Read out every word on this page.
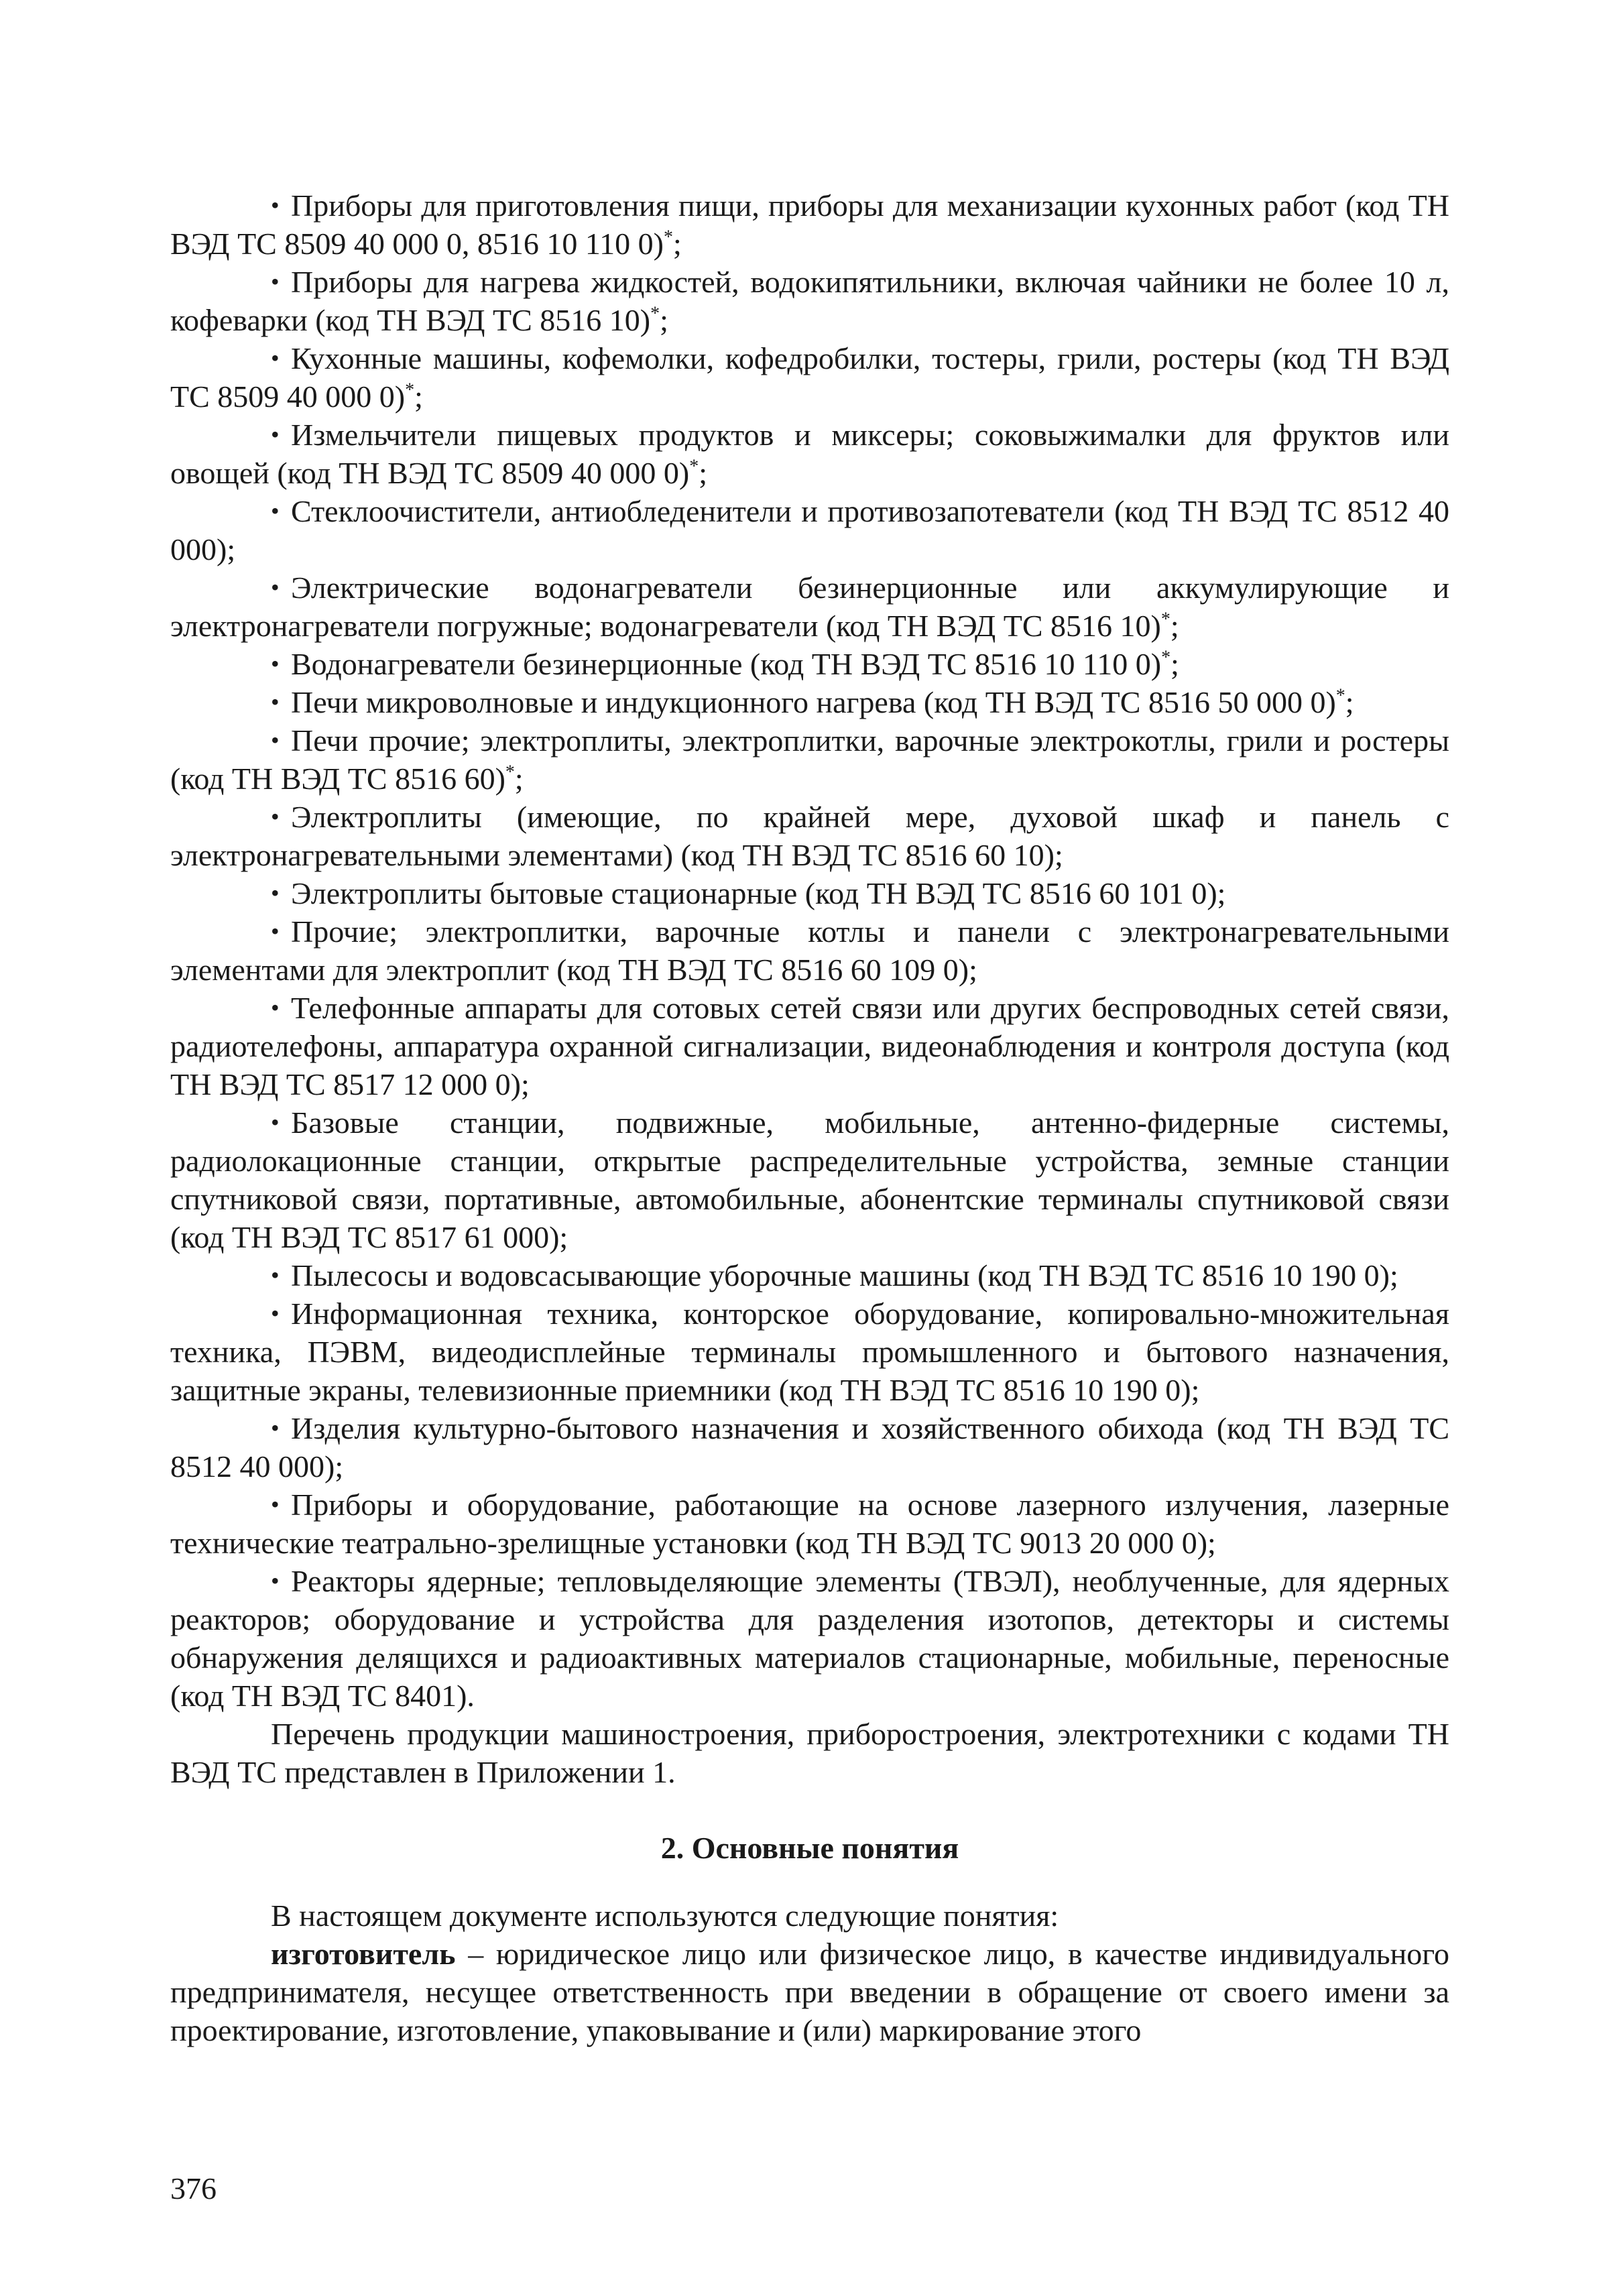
• Приборы для приготовления пищи, приборы для механизации кухонных работ (код ТН ВЭД ТС 8509 40 000 0, 8516 10 110 0)*;

• Приборы для нагрева жидкостей, водокипятильники, включая чайники не более 10 л, кофеварки (код ТН ВЭД ТС 8516 10)*;

• Кухонные машины, кофемолки, кофедробилки, тостеры, грили, ростеры (код ТН ВЭД ТС 8509 40 000 0)*;

• Измельчители пищевых продуктов и миксеры; соковыжималки для фруктов или овощей (код ТН ВЭД ТС 8509 40 000 0)*;

• Стеклоочистители, антиобледенители и противозапотеватели (код ТН ВЭД ТС 8512 40 000);

• Электрические водонагреватели безинерционные или аккумулирующие и электронагреватели погружные; водонагреватели (код ТН ВЭД ТС 8516 10)*;

• Водонагреватели безинерционные (код ТН ВЭД ТС 8516 10 110 0)*;

• Печи микроволновые и индукционного нагрева (код ТН ВЭД ТС 8516 50 000 0)*;

• Печи прочие; электроплиты, электроплитки, варочные электрокотлы, грили и ростеры (код ТН ВЭД ТС 8516 60)*;

• Электроплиты (имеющие, по крайней мере, духовой шкаф и панель с электронагревательными элементами) (код ТН ВЭД ТС 8516 60 10);

• Электроплиты бытовые стационарные (код ТН ВЭД ТС 8516 60 101 0);

• Прочие; электроплитки, варочные котлы и панели с электронагревательными элементами для электроплит (код ТН ВЭД ТС 8516 60 109 0);

• Телефонные аппараты для сотовых сетей связи или других беспроводных сетей связи, радиотелефоны, аппаратура охранной сигнализации, видеонаблюдения и контроля доступа (код ТН ВЭД ТС 8517 12 000 0);

• Базовые станции, подвижные, мобильные, антенно-фидерные системы, радиолокационные станции, открытые распределительные устройства, земные станции спутниковой связи, портативные, автомобильные, абонентские терминалы спутниковой связи (код ТН ВЭД ТС 8517 61 000);

• Пылесосы и водовсасывающие уборочные машины (код ТН ВЭД ТС 8516 10 190 0);

• Информационная техника, конторское оборудование, копировально-множительная техника, ПЭВМ, видеодисплейные терминалы промышленного и бытового назначения, защитные экраны, телевизионные приемники (код ТН ВЭД ТС 8516 10 190 0);

• Изделия культурно-бытового назначения и хозяйственного обихода (код ТН ВЭД ТС 8512 40 000);

• Приборы и оборудование, работающие на основе лазерного излучения, лазерные технические театрально-зрелищные установки (код ТН ВЭД ТС 9013 20 000 0);

• Реакторы ядерные; тепловыделяющие элементы (ТВЭЛ), необлученные, для ядерных реакторов; оборудование и устройства для разделения изотопов, детекторы и системы обнаружения делящихся и радиоактивных материалов стационарные, мобильные, переносные (код ТН ВЭД ТС 8401).

Перечень продукции машиностроения, приборостроения, электротехники с кодами ТН ВЭД ТС представлен в Приложении 1.

2. Основные понятия

В настоящем документе используются следующие понятия:

изготовитель – юридическое лицо или физическое лицо, в качестве индивидуального предпринимателя, несущее ответственность при введении в обращение от своего имени за проектирование, изготовление, упаковывание и (или) маркирование этого

376
